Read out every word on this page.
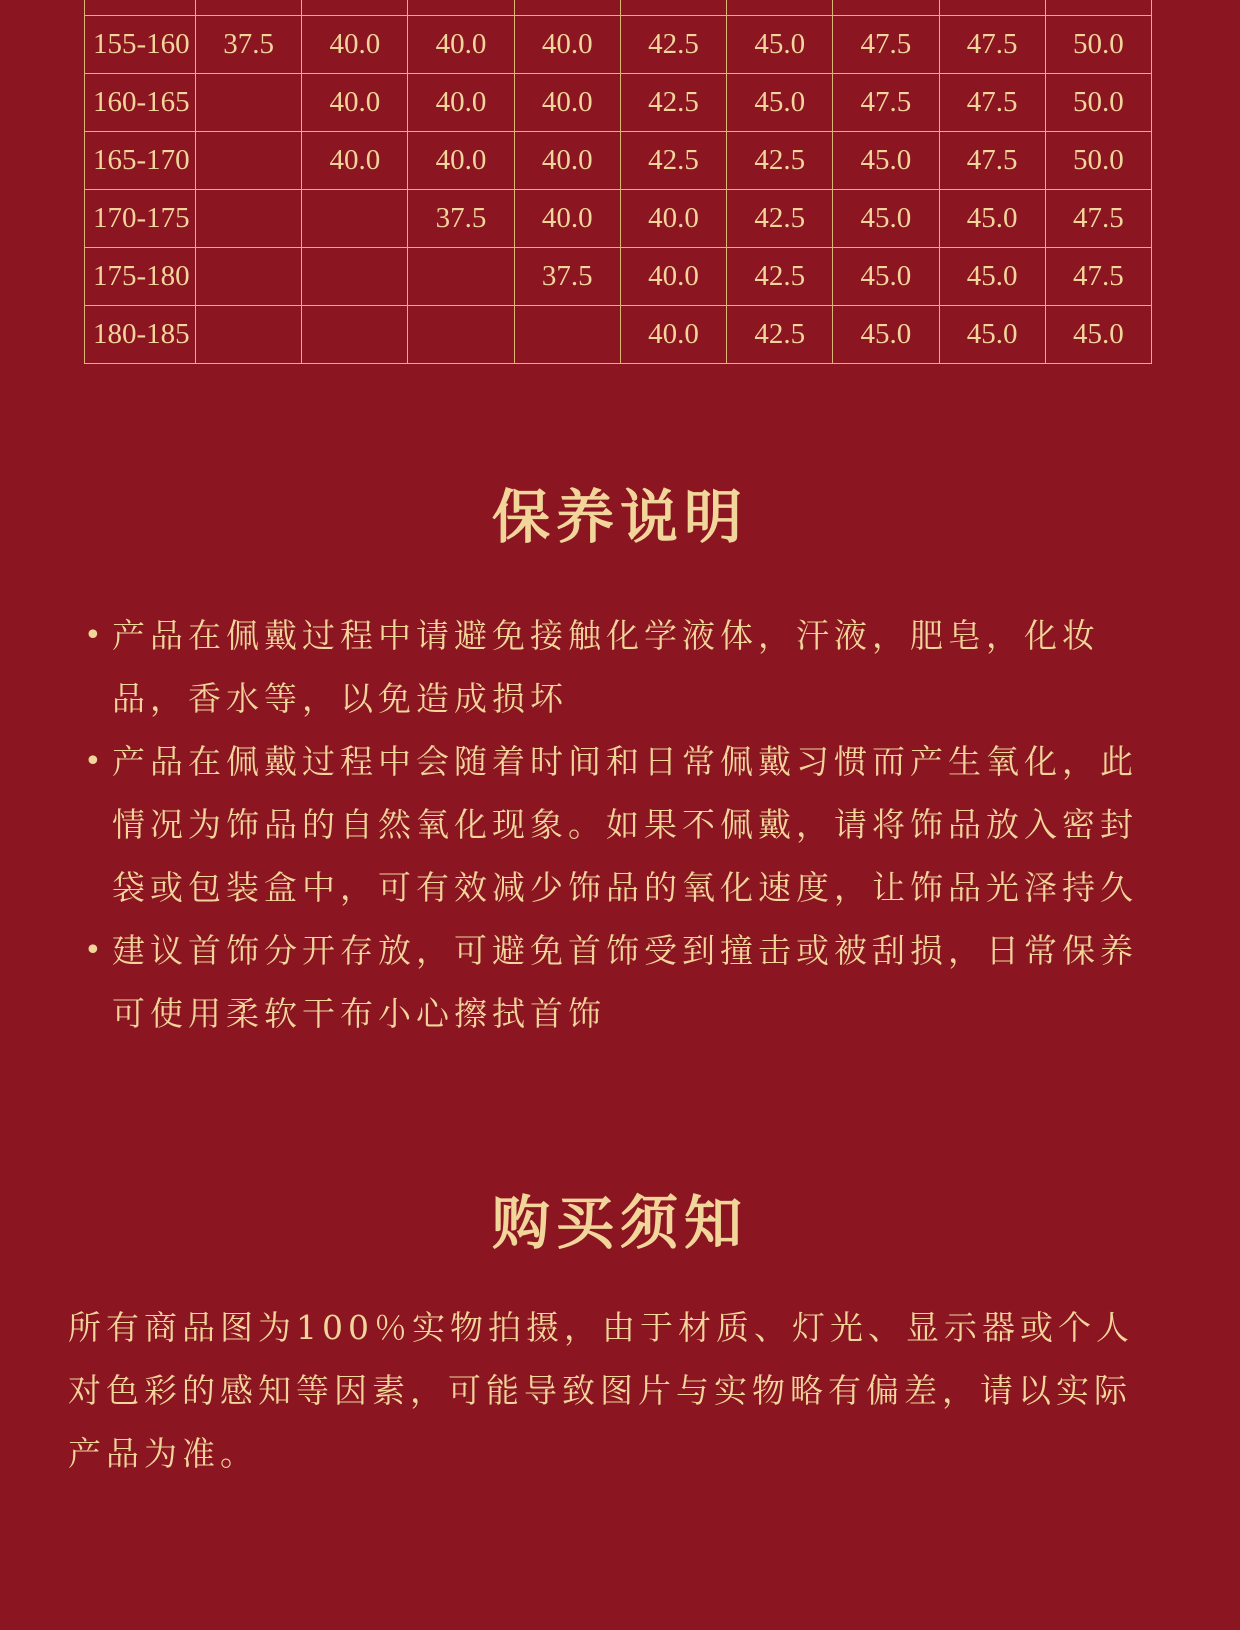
155-160	37.5	40.0	40.0	40.0	42.5	45.0	47.5	47.5	50.0
160-165		40.0	40.0	40.0	42.5	45.0	47.5	47.5	50.0
165-170		40.0	40.0	40.0	42.5	42.5	45.0	47.5	50.0
170-175			37.5	40.0	40.0	42.5	45.0	45.0	47.5
175-180				37.5	40.0	42.5	45.0	45.0	47.5
180-185					40.0	42.5	45.0	45.0	45.0
保养说明
• 产品在佩戴过程中请避免接触化学液体，汗液，肥皂，化妆品，香水等，以免造成损坏
• 产品在佩戴过程中会随着时间和日常佩戴习惯而产生氧化，此情况为饰品的自然氧化现象。如果不佩戴，请将饰品放入密封袋或包装盒中，可有效减少饰品的氧化速度，让饰品光泽持久
• 建议首饰分开存放，可避免首饰受到撞击或被刮损，日常保养可使用柔软干布小心擦拭首饰
购买须知

所有商品图为100％实物拍摄，由于材质、灯光、显示器或个人对色彩的感知等因素，可能导致图片与实物略有偏差，请以实际产品为准。
